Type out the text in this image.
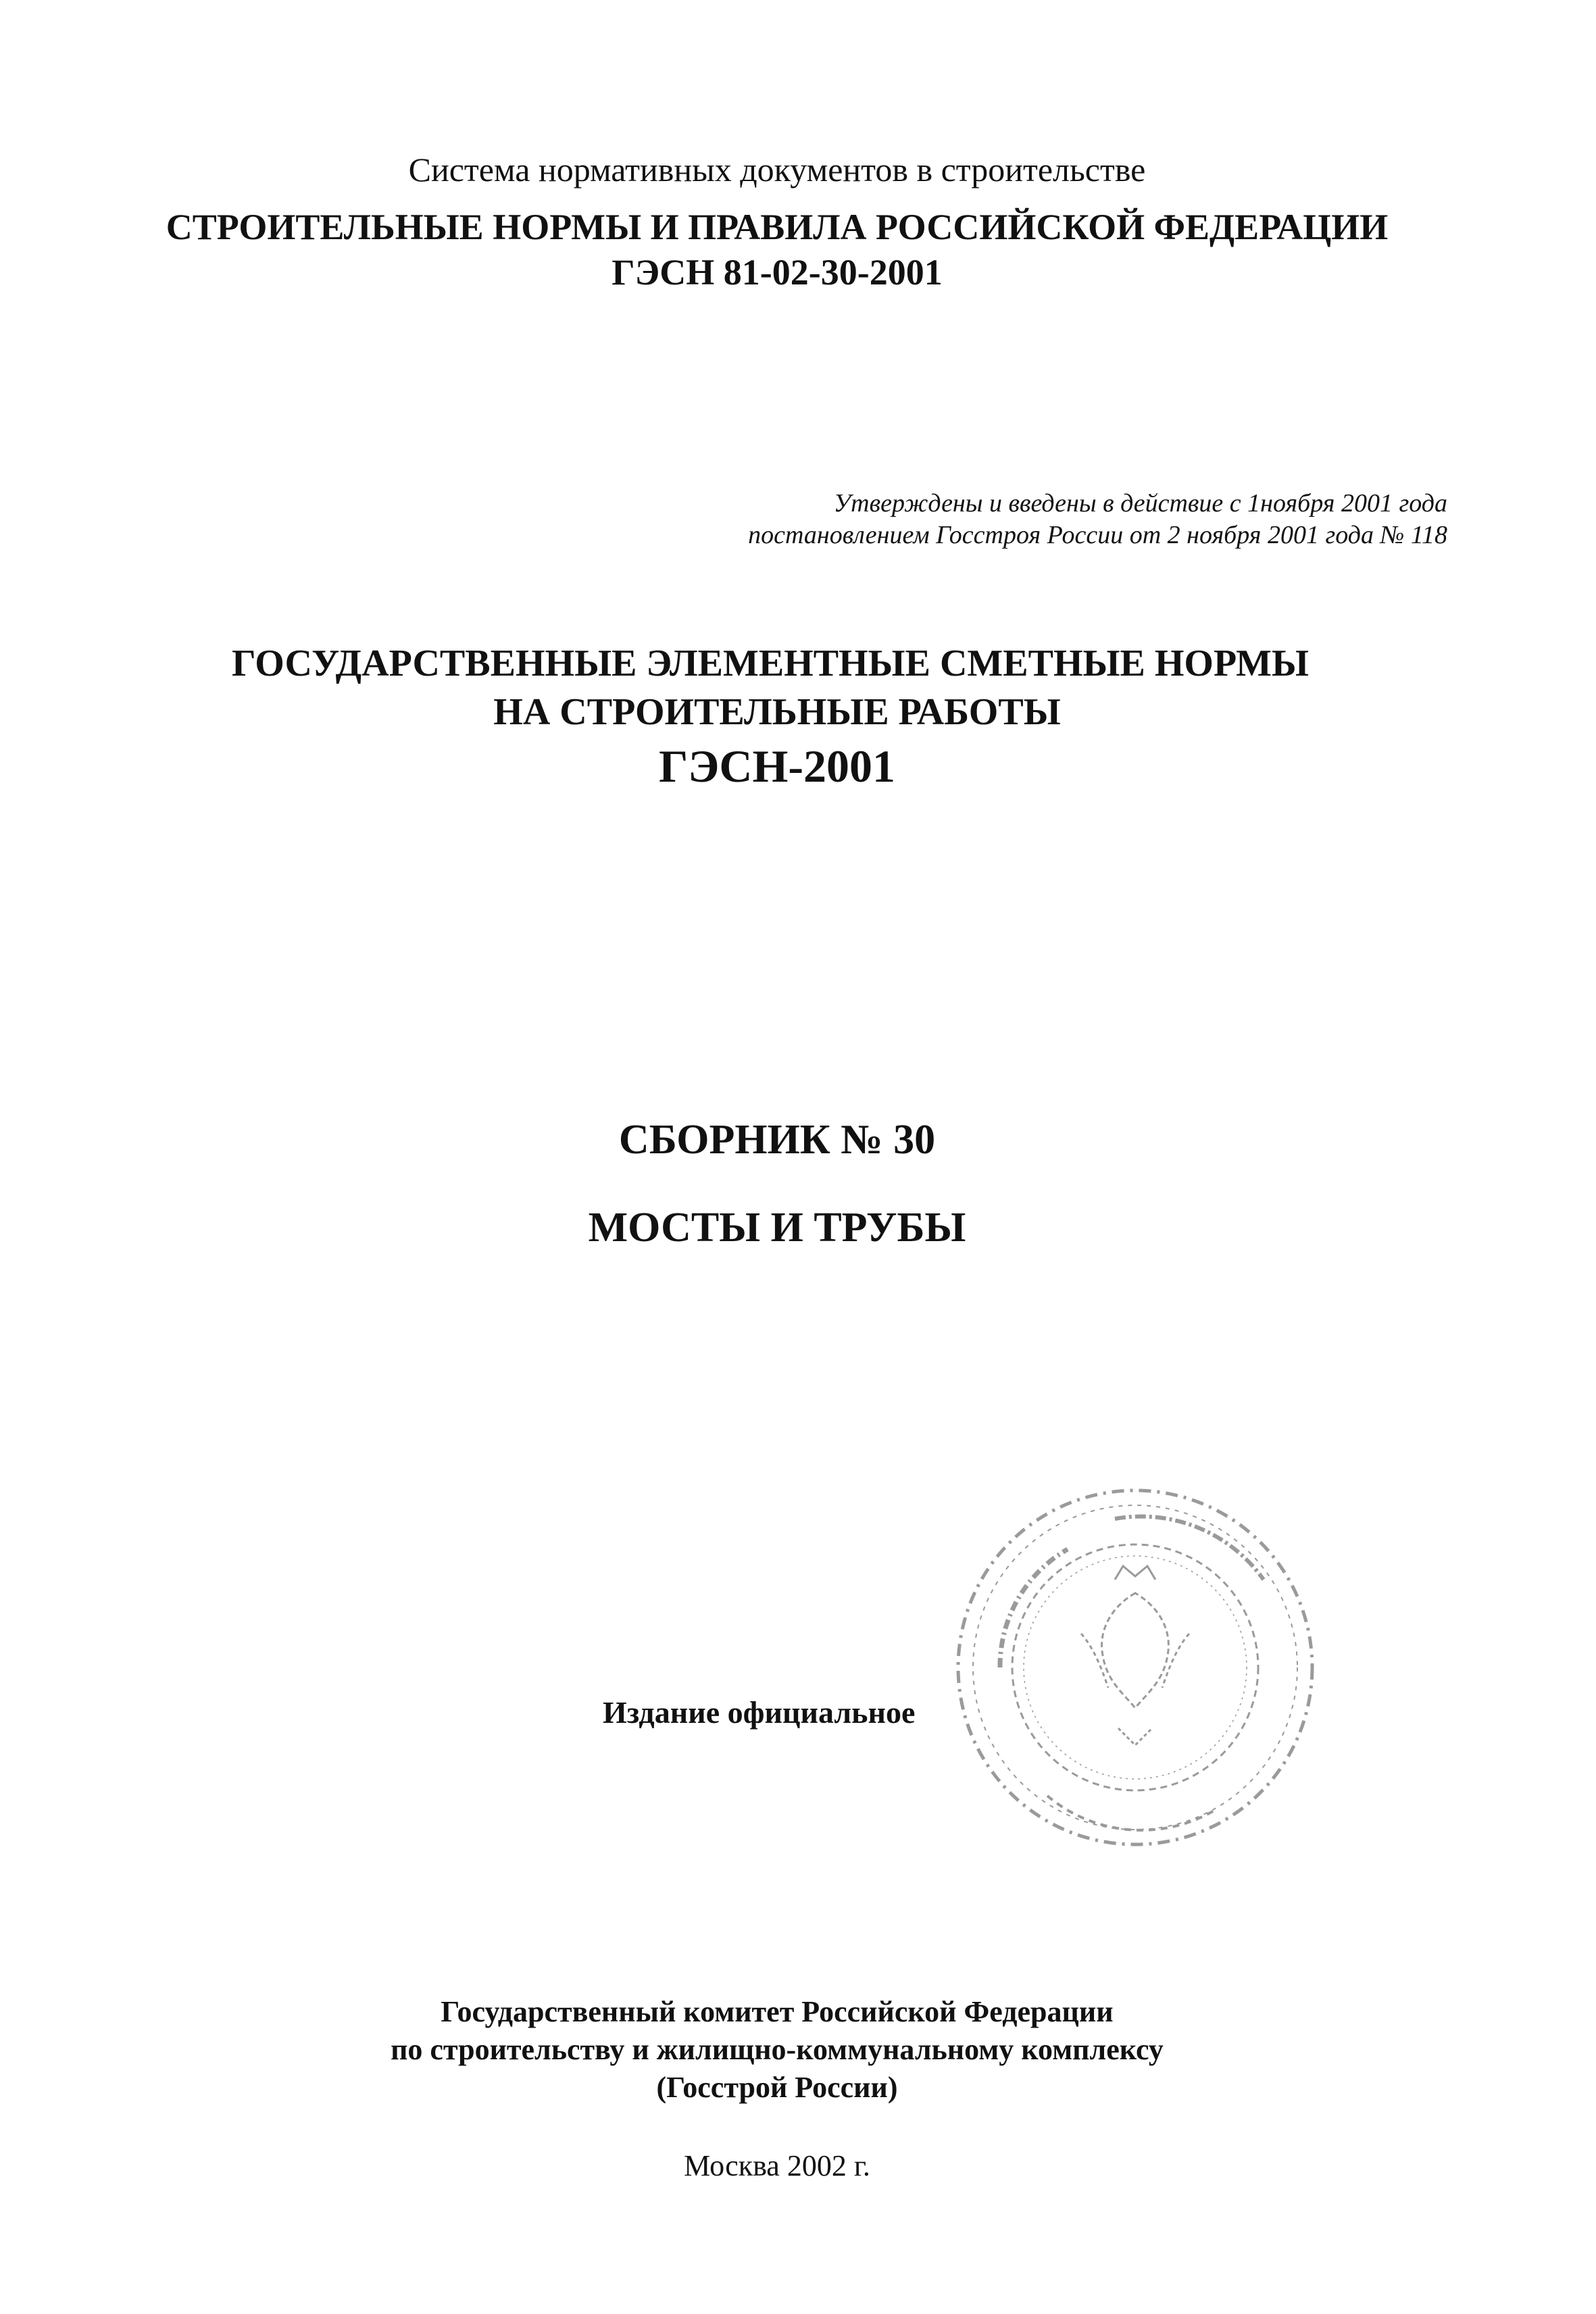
Система нормативных документов в строительстве
СТРОИТЕЛЬНЫЕ НОРМЫ И ПРАВИЛА РОССИЙСКОЙ ФЕДЕРАЦИИ
ГЭСН 81-02-30-2001
Утверждены и введены в действие с 1ноября 2001 года
постановлением Госстроя России от 2 ноября 2001 года № 118
ГОСУДАРСТВЕННЫЕ ЭЛЕМЕНТНЫЕ СМЕТНЫЕ НОРМЫ
НА СТРОИТЕЛЬНЫЕ РАБОТЫ
ГЭСН-2001
СБОРНИК № 30
МОСТЫ И ТРУБЫ
Издание официальное
Государственный комитет Российской Федерации
по строительству и жилищно-коммунальному комплексу
(Госстрой России)
Москва 2002 г.
